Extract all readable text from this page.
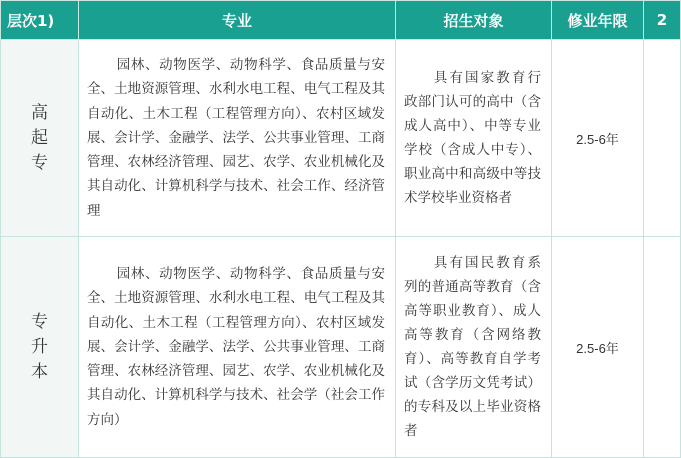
层次1)	专业	招生对象	修业年限	2

高
起
专	园林、动物医学、动物科学、食品质量与安全、土地资源管理、水利水电工程、电气工程及其自动化、土木工程（工程管理方向）、农村区域发展、会计学、金融学、法学、公共事业管理、工商管理、农林经济管理、园艺、农学、农业机械化及其自动化、计算机科学与技术、社会工作、经济管理	具有国家教育行政部门认可的高中（含成人高中）、中等专业学校（含成人中专）、职业高中和高级中等技术学校毕业资格者	2.5-6年	

专
升
本	园林、动物医学、动物科学、食品质量与安全、土地资源管理、水利水电工程、电气工程及其自动化、土木工程（工程管理方向）、农村区域发展、会计学、金融学、法学、公共事业管理、工商管理、农林经济管理、园艺、农学、农业机械化及其自动化、计算机科学与技术、社会学（社会工作方向）	具有国民教育系列的普通高等教育（含高等职业教育）、成人高等教育（含网络教育）、高等教育自学考试（含学历文凭考试）的专科及以上毕业资格者	2.5-6年	
